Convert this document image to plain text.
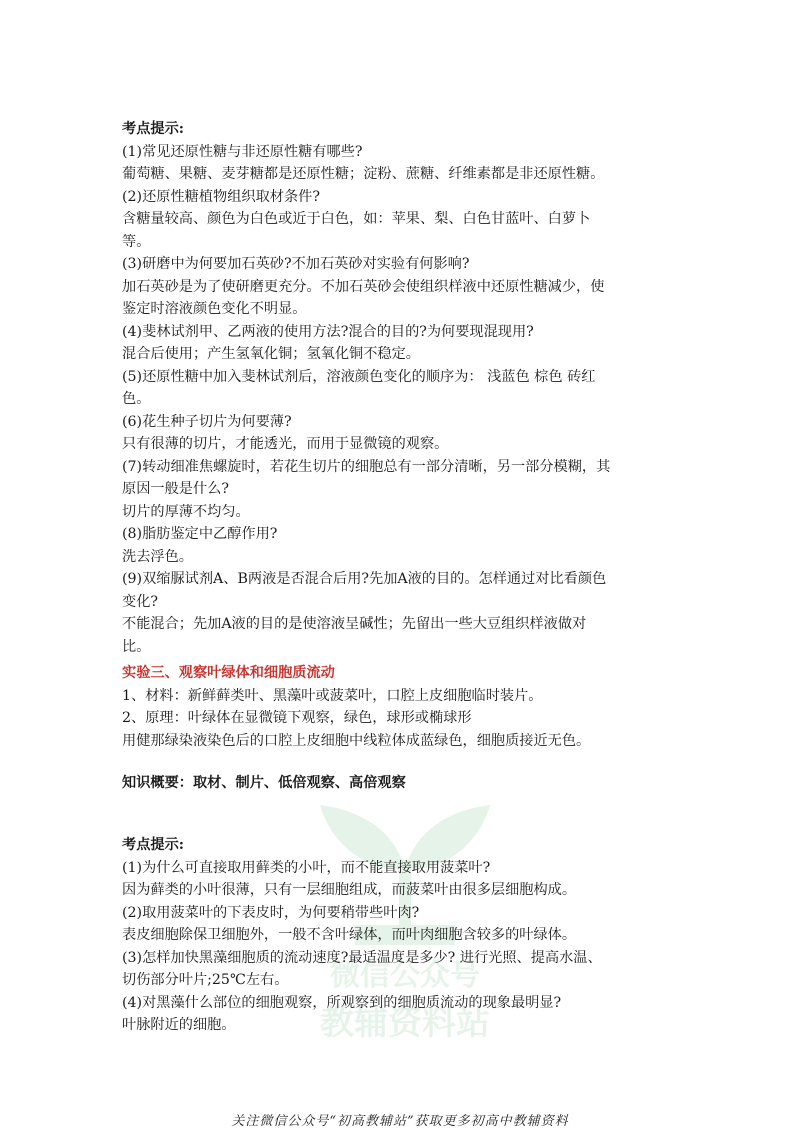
微信公众号
教辅资料站

考点提示:

(1)常见还原性糖与非还原性糖有哪些?

葡萄糖、果糖、麦芽糖都是还原性糖；淀粉、蔗糖、纤维素都是非还原性糖。

(2)还原性糖植物组织取材条件?

含糖量较高、颜色为白色或近于白色，如：苹果、梨、白色甘蓝叶、白萝卜

等。

(3)研磨中为何要加石英砂?不加石英砂对实验有何影响?

加石英砂是为了使研磨更充分。不加石英砂会使组织样液中还原性糖减少，使

鉴定时溶液颜色变化不明显。

(4)斐林试剂甲、乙两液的使用方法?混合的目的?为何要现混现用?

混合后使用；产生氢氧化铜；氢氧化铜不稳定。

(5)还原性糖中加入斐林试剂后，溶液颜色变化的顺序为： 浅蓝色 棕色 砖红

色。

(6)花生种子切片为何要薄?

只有很薄的切片，才能透光，而用于显微镜的观察。

(7)转动细准焦螺旋时，若花生切片的细胞总有一部分清晰，另一部分模糊，其

原因一般是什么?

切片的厚薄不均匀。

(8)脂肪鉴定中乙醇作用?

洗去浮色。

(9)双缩脲试剂A、B两液是否混合后用?先加A液的目的。怎样通过对比看颜色

变化?

不能混合；先加A液的目的是使溶液呈碱性；先留出一些大豆组织样液做对

比。

实验三、观察叶绿体和细胞质流动

1、材料：新鲜藓类叶、黑藻叶或菠菜叶，口腔上皮细胞临时装片。

2、原理：叶绿体在显微镜下观察，绿色，球形或椭球形

用健那绿染液染色后的口腔上皮细胞中线粒体成蓝绿色，细胞质接近无色。

知识概要：取材、制片、低倍观察、高倍观察

考点提示:

(1)为什么可直接取用藓类的小叶，而不能直接取用菠菜叶?

因为藓类的小叶很薄，只有一层细胞组成，而菠菜叶由很多层细胞构成。

(2)取用菠菜叶的下表皮时，为何要稍带些叶肉?

表皮细胞除保卫细胞外，一般不含叶绿体，而叶肉细胞含较多的叶绿体。

(3)怎样加快黑藻细胞质的流动速度?最适温度是多少? 进行光照、提高水温、

切伤部分叶片;25℃左右。

(4)对黑藻什么部位的细胞观察，所观察到的细胞质流动的现象最明显?

叶脉附近的细胞。

关注微信公众号“初高教辅站”获取更多初高中教辅资料
